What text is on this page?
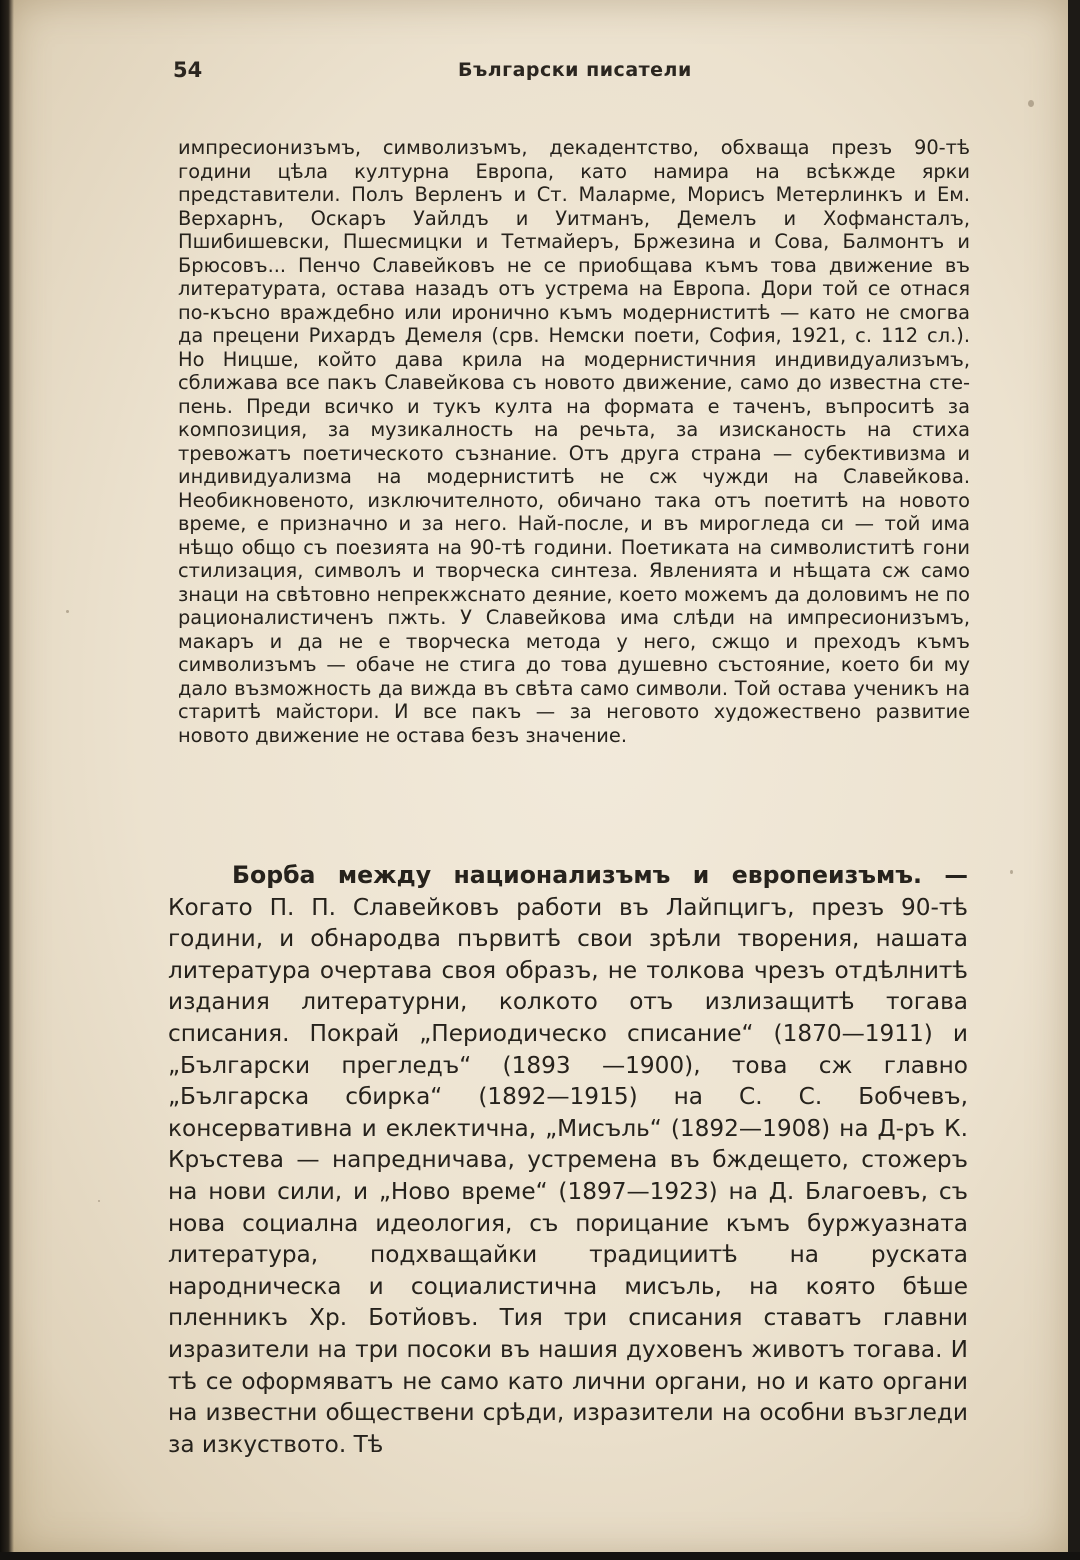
54	Български писатели

импресионизъмъ, символизъмъ, декадентство, обхваща презъ 90-тѣ години цѣла културна Европа, като намира на всѣкжде ярки представители. Полъ Верленъ и Ст. Маларме, Морисъ Метерлинкъ и Ем. Верхарнъ, Оскаръ Уайлдъ и Уитманъ, Демелъ и Хофмансталъ, Пшибишевски, Пшесмицки и Тетмайеръ, Бржезина и Сова, Балмонтъ и Брюсовъ... Пенчо Славейковъ не се приобщава къмъ това движение въ литературата, остава назадъ отъ устрема на Европа. Дори той се отнася по-късно враждебно или иронично къмъ модерниститѣ — като не смогва да прецени Рихардъ Демеля (срв. Немски поети, София, 1921, с. 112 сл.). Но Ницше, който дава крила на модернистичния индивидуализъмъ, сближава все пакъ Славейкова съ новото движение, само до известна степень. Преди всичко и тукъ култа на формата е таченъ, въпроситѣ за композиция, за музикалность на речьта, за изисканость на стиха тревожатъ поетическото съзнание. Отъ друга страна — субективизма и индивидуализма на модерниститѣ не сж чужди на Славейкова. Необикновеното, изключителното, обичано така отъ поетитѣ на новото време, е призначно и за него. Най-после, и въ мирогледа си — той има нѣщо общо съ поезията на 90-тѣ години. Поетиката на символиститѣ гони стилизация, символъ и творческа синтеза. Явленията и нѣщата сж само знаци на свѣтовно непрекжснато деяние, което можемъ да доловимъ не по рационалистиченъ пжть. У Славейкова има слѣди на импресионизъмъ, макаръ и да не е творческа метода у него, сжщо и преходъ къмъ символизъмъ — обаче не стига до това душевно състояние, което би му дало възможность да вижда въ свѣта само символи. Той остава ученикъ на старитѣ майстори. И все пакъ — за неговото художествено развитие новото движение не остава безъ значение.

Борба между национализъмъ и европеизъмъ. — Когато П. П. Славейковъ работи въ Лайпцигъ, презъ 90-тѣ години, и обнародва първитѣ свои зрѣли творения, нашата литература очертава своя образъ, не толкова чрезъ отдѣлнитѣ издания литературни, колкото отъ излизащитѣ тогава списания. Покрай „Периодическо списание“ (1870—1911) и „Български прегледъ“ (1893 —1900), това сж главно „Българска сбирка“ (1892—1915) на С. С. Бобчевъ, консервативна и еклектична, „Мисъль“ (1892—1908) на Д-ръ К. Кръстева — напредничава, устремена въ бждещето, стожеръ на нови сили, и „Ново време“ (1897—1923) на Д. Благоевъ, съ нова социална идеология, съ порицание къмъ буржуазната литература, подхващайки традициитѣ на руската народническа и социалистична мисъль, на която бѣше пленникъ Хр. Ботйовъ. Тия три списания ставатъ главни изразители на три посоки въ нашия духовенъ животъ тогава. И тѣ се оформяватъ не само като лични органи, но и като органи на известни обществени срѣди, изразители на особни възгледи за изкуството. Тѣ
